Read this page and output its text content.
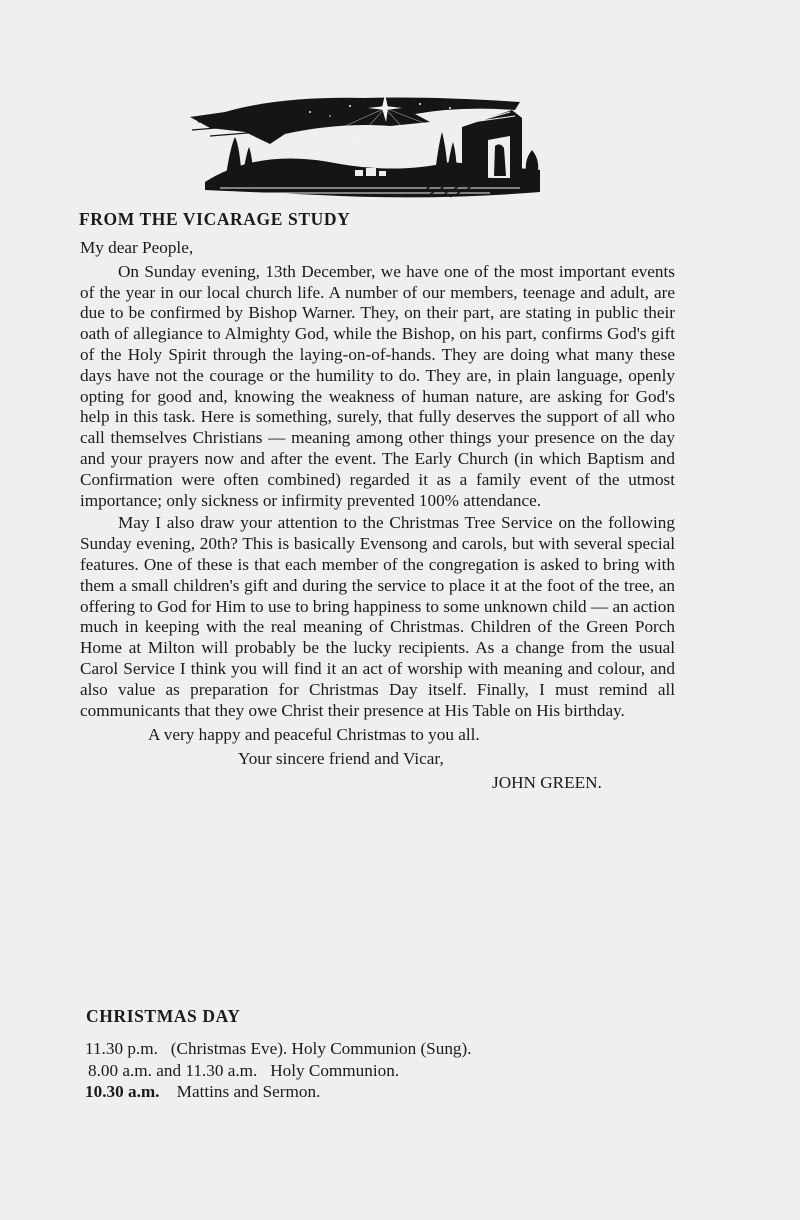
FROM THE VICARAGE STUDY

My dear People,

On Sunday evening, 13th December, we have one of the most important events of the year in our local church life. A number of our members, teenage and adult, are due to be confirmed by Bishop Warner. They, on their part, are stating in public their oath of allegiance to Almighty God, while the Bishop, on his part, confirms God's gift of the Holy Spirit through the laying-on-of-hands. They are doing what many these days have not the courage or the humility to do. They are, in plain language, openly opting for good and, knowing the weakness of human nature, are asking for God's help in this task. Here is something, surely, that fully deserves the support of all who call themselves Christians — meaning among other things your presence on the day and your prayers now and after the event. The Early Church (in which Baptism and Confirmation were often combined) regarded it as a family event of the utmost importance; only sickness or infirmity prevented 100% attendance.

May I also draw your attention to the Christmas Tree Service on the following Sunday evening, 20th? This is basically Evensong and carols, but with several special features. One of these is that each member of the congregation is asked to bring with them a small children's gift and during the service to place it at the foot of the tree, an offering to God for Him to use to bring happiness to some unknown child — an action much in keeping with the real meaning of Christmas. Children of the Green Porch Home at Milton will probably be the lucky recipients. As a change from the usual Carol Service I think you will find it an act of worship with meaning and colour, and also value as preparation for Christmas Day itself. Finally, I must remind all communicants that they owe Christ their presence at His Table on His birthday.

A very happy and peaceful Christmas to you all.

Your sincere friend and Vicar,

JOHN GREEN.

CHRISTMAS DAY
11.30 p.m. (Christmas Eve). Holy Communion (Sung).
8.00 a.m. and 11.30 a.m. Holy Communion.
10.30 a.m. Mattins and Sermon.
